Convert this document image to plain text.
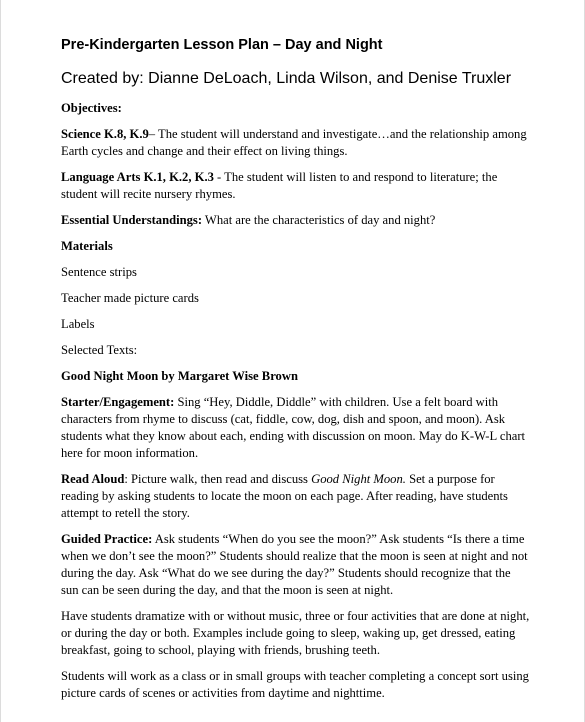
Pre-Kindergarten Lesson Plan – Day and Night
Created by: Dianne DeLoach, Linda Wilson, and Denise Truxler

Objectives:

Science K.8, K.9– The student will understand and investigate…and the relationship among Earth cycles and change and their effect on living things.

Language Arts K.1, K.2, K.3 - The student will listen to and respond to literature; the student will recite nursery rhymes.

Essential Understandings: What are the characteristics of day and night?

Materials

Sentence strips

Teacher made picture cards

Labels

Selected Texts:

Good Night Moon by Margaret Wise Brown

Starter/Engagement: Sing “Hey, Diddle, Diddle” with children. Use a felt board with characters from rhyme to discuss (cat, fiddle, cow, dog, dish and spoon, and moon). Ask students what they know about each, ending with discussion on moon. May do K-W-L chart here for moon information.

Read Aloud: Picture walk, then read and discuss Good Night Moon. Set a purpose for reading by asking students to locate the moon on each page. After reading, have students attempt to retell the story.

Guided Practice: Ask students “When do you see the moon?” Ask students “Is there a time when we don’t see the moon?” Students should realize that the moon is seen at night and not during the day. Ask “What do we see during the day?” Students should recognize that the sun can be seen during the day, and that the moon is seen at night.

Have students dramatize with or without music, three or four activities that are done at night, or during the day or both. Examples include going to sleep, waking up, get dressed, eating breakfast, going to school, playing with friends, brushing teeth.

Students will work as a class or in small groups with teacher completing a concept sort using picture cards of scenes or activities from daytime and nighttime.
